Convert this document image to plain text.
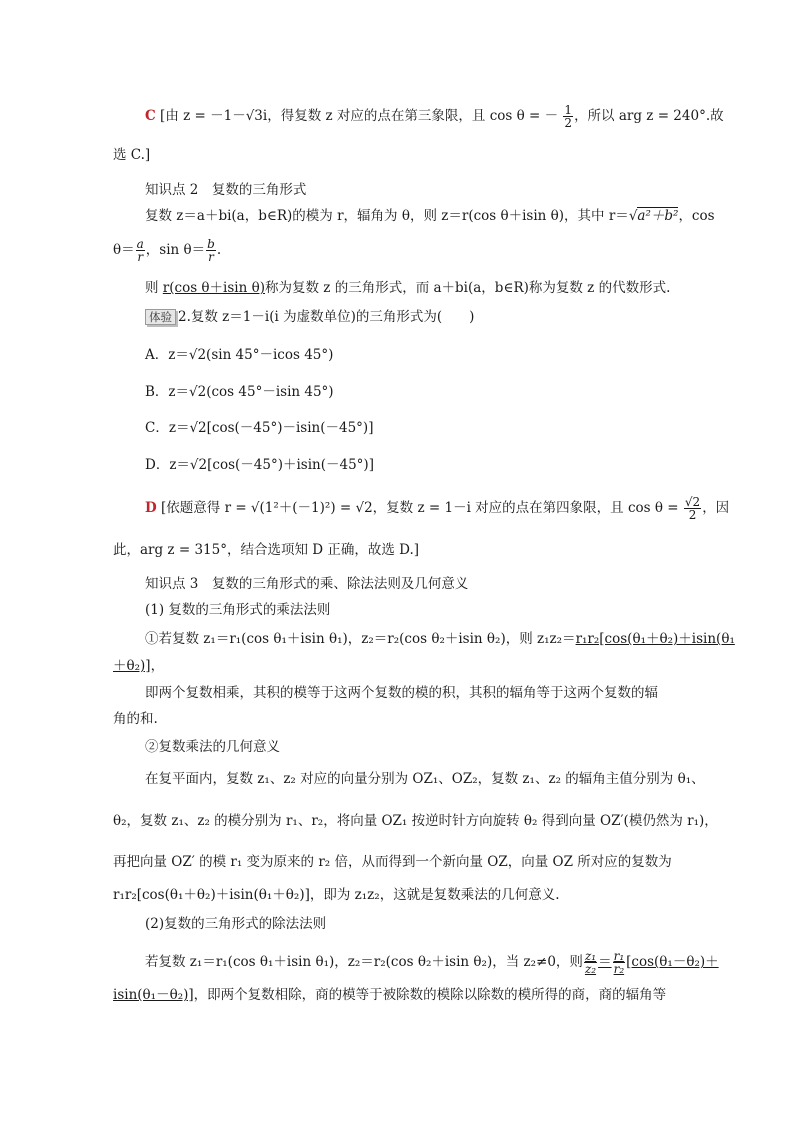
C [由 z = －1－√3i，得复数 z 对应的点在第三象限，且 cos θ = － $\frac{1}{2}$ ，所以 arg z = 240°.故
选 C.]
知识点 2　复数的三角形式
复数 z＝a＋bi(a，b∈R)的模为 r，辐角为 θ，则 z＝r(cos θ＋isin θ)，其中 r＝√a²＋b²，cos
$\theta= \frac{a}{r}$ ，$\sin \theta= \frac{b}{r}$ .
则 r(cos θ＋isin θ)称为复数 z 的三角形式，而 a＋bi(a，b∈R)称为复数 z 的代数形式.
体验 2.复数 z＝1－i(i 为虚数单位)的三角形式为(　　)
A．z＝√2(sin 45°－icos 45°)
B．z＝√2(cos 45°－isin 45°)
C．z＝√2[cos(－45°)－isin(－45°)]
D．z＝√2[cos(－45°)＋isin(－45°)]
D [依题意得 r = √(1²＋(－1)²) = √2，复数 z = 1－i 对应的点在第四象限，且 $\cos \theta = \frac{√2}{2}$ ，因
此，arg z = 315°，结合选项知 D 正确，故选 D.]
知识点 3　复数的三角形式的乘、除法法则及几何意义
(1) 复数的三角形式的乘法法则
①若复数 z₁＝r₁(cos θ₁＋isin θ₁)，z₂＝r₂(cos θ₂＋isin θ₂)，则 z₁z₂＝r₁r₂[cos(θ₁＋θ₂)＋isin(θ₁
＋θ₂)]，
即两个复数相乘，其积的模等于这两个复数的模的积，其积的辐角等于这两个复数的辐
角的和.
②复数乘法的几何意义
在复平面内，复数 z₁、z₂ 对应的向量分别为 OZ₁、OZ₂，复数 z₁、z₂ 的辐角主值分别为 θ₁、
θ₂，复数 z₁、z₂ 的模分别为 r₁、r₂，将向量 OZ₁ 按逆时针方向旋转 θ₂ 得到向量 OZ′(模仍然为 r₁)，
再把向量 OZ′ 的模 r₁ 变为原来的 r₂ 倍，从而得到一个新向量 OZ，向量 OZ 所对应的复数为
r₁r₂[cos(θ₁＋θ₂)＋isin(θ₁＋θ₂)]，即为 z₁z₂，这就是复数乘法的几何意义.
(2)复数的三角形式的除法法则
若复数 z₁＝r₁(cos θ₁＋isin θ₁)，z₂＝r₂(cos θ₂＋isin θ₂)，当 z₂≠0，则 $\frac{\text{z₁}}{\text{z₂}} = \frac{\text{r₁}}{\text{r₂}} [\cos(\theta_1-\theta_2)+$
isin(θ₁－θ₂)]，即两个复数相除，商的模等于被除数的模除以除数的模所得的商，商的辐角等
